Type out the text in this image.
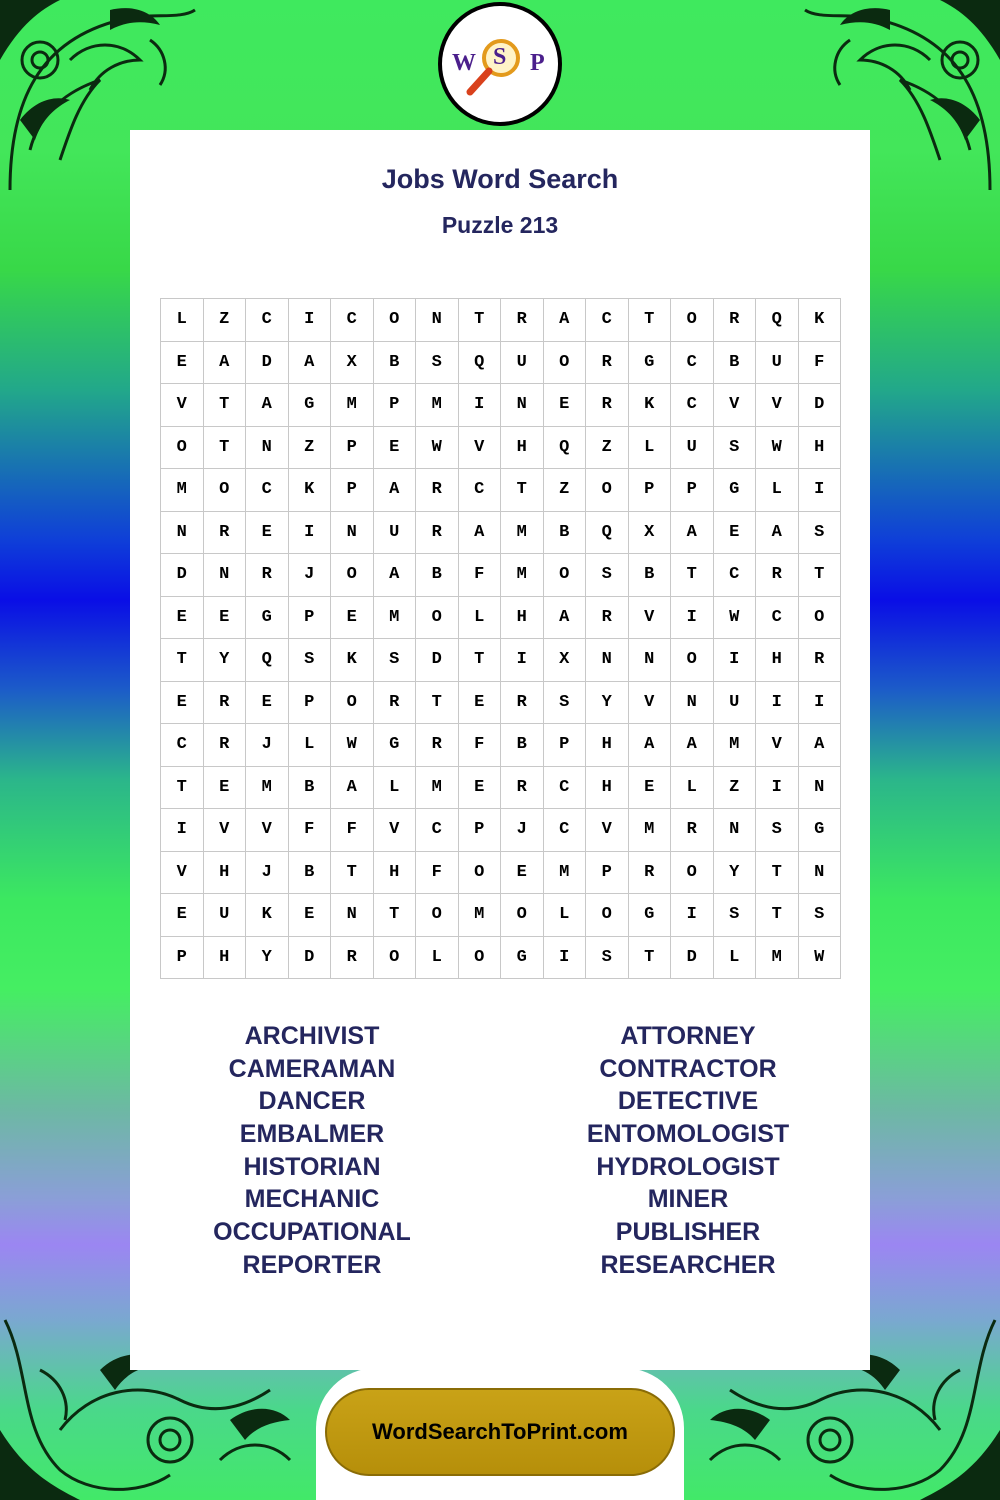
W S P
Jobs Word Search
Puzzle 213
L	Z	C	I	C	O	N	T	R	A	C	T	O	R	Q	K
E	A	D	A	X	B	S	Q	U	O	R	G	C	B	U	F
V	T	A	G	M	P	M	I	N	E	R	K	C	V	V	D
O	T	N	Z	P	E	W	V	H	Q	Z	L	U	S	W	H
M	O	C	K	P	A	R	C	T	Z	O	P	P	G	L	I
N	R	E	I	N	U	R	A	M	B	Q	X	A	E	A	S
D	N	R	J	O	A	B	F	M	O	S	B	T	C	R	T
E	E	G	P	E	M	O	L	H	A	R	V	I	W	C	O
T	Y	Q	S	K	S	D	T	I	X	N	N	O	I	H	R
E	R	E	P	O	R	T	E	R	S	Y	V	N	U	I	I
C	R	J	L	W	G	R	F	B	P	H	A	A	M	V	A
T	E	M	B	A	L	M	E	R	C	H	E	L	Z	I	N
I	V	V	F	F	V	C	P	J	C	V	M	R	N	S	G
V	H	J	B	T	H	F	O	E	M	P	R	O	Y	T	N
E	U	K	E	N	T	O	M	O	L	O	G	I	S	T	S
P	H	Y	D	R	O	L	O	G	I	S	T	D	L	M	W
ARCHIVIST
CAMERAMAN
DANCER
EMBALMER
HISTORIAN
MECHANIC
OCCUPATIONAL
REPORTER
ATTORNEY
CONTRACTOR
DETECTIVE
ENTOMOLOGIST
HYDROLOGIST
MINER
PUBLISHER
RESEARCHER
WordSearchToPrint.com
